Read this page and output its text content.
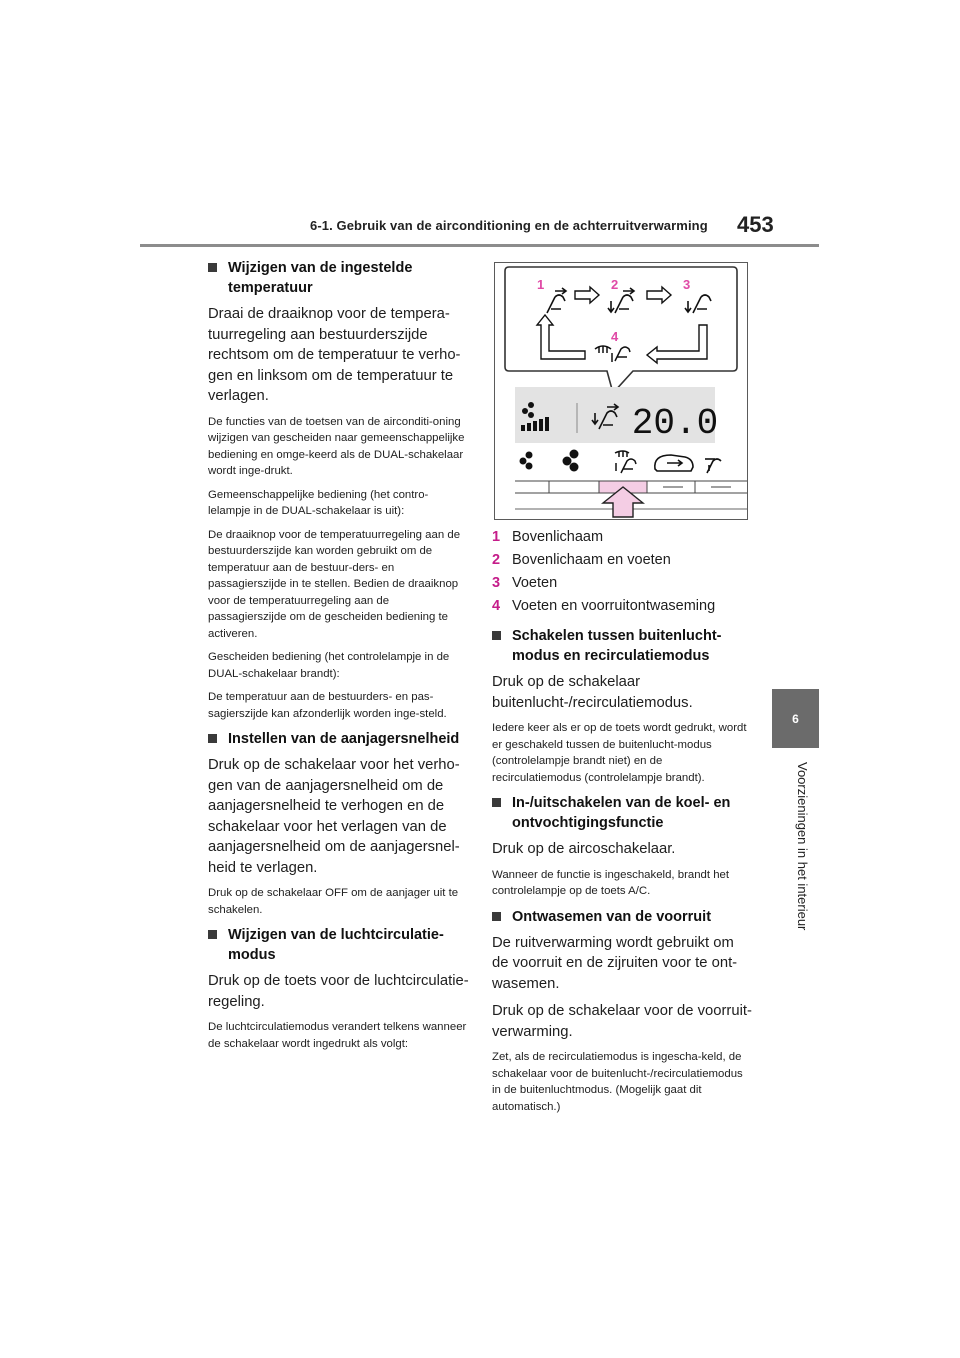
6-1. Gebruik van de airconditioning en de achterruitverwarming 453
6
Voorzieningen in het interieur
Wijzigen van de ingestelde temperatuur

Draai de draaiknop voor de tempera-tuurregeling aan bestuurderszijde rechtsom om de temperatuur te verho-gen en linksom om de temperatuur te verlagen.

De functies van de toetsen van de airconditi-oning wijzigen van gescheiden naar gemeenschappelijke bediening en omge-keerd als de DUAL-schakelaar wordt inge-drukt.

Gemeenschappelijke bediening (het contro-lelampje in de DUAL-schakelaar is uit):

De draaiknop voor de temperatuurregeling aan de bestuurderszijde kan worden gebruikt om de temperatuur aan de bestuur-ders- en passagierszijde in te stellen. Bedien de draaiknop voor de temperatuurregeling aan de passagierszijde om de gescheiden bediening te activeren.

Gescheiden bediening (het controlelampje in de DUAL-schakelaar brandt):

De temperatuur aan de bestuurders- en pas-sagierszijde kan afzonderlijk worden inge-steld.

Instellen van de aanjagersnelheid

Druk op de schakelaar voor het verho-gen van de aanjagersnelheid om de aanjagersnelheid te verhogen en de schakelaar voor het verlagen van de aanjagersnelheid om de aanjagersnel-heid te verlagen.

Druk op de schakelaar OFF om de aanjager uit te schakelen.

Wijzigen van de luchtcirculatie-modus

Druk op de toets voor de luchtcirculatie-regeling.

De luchtcirculatiemodus verandert telkens wanneer de schakelaar wordt ingedrukt als volgt:

1	2	3
4
20.0
1 Bovenlichaam
2 Bovenlichaam en voeten
3 Voeten
4 Voeten en voorruitontwaseming
Schakelen tussen buitenlucht-modus en recirculatiemodus

Druk op de schakelaar buitenlucht-/recirculatiemodus.

Iedere keer als er op de toets wordt gedrukt, wordt er geschakeld tussen de buitenlucht-modus (controlelampje brandt niet) en de recirculatiemodus (controlelampje brandt).

In-/uitschakelen van de koel- en ontvochtigingsfunctie

Druk op de aircoschakelaar.

Wanneer de functie is ingeschakeld, brandt het controlelampje op de toets A/C.

Ontwasemen van de voorruit

De ruitverwarming wordt gebruikt om de voorruit en de zijruiten voor te ont-wasemen.

Druk op de schakelaar voor de voorruit-verwarming.

Zet, als de recirculatiemodus is ingescha-keld, de schakelaar voor de buitenlucht-/recirculatiemodus in de buitenluchtmodus. (Mogelijk gaat dit automatisch.)
